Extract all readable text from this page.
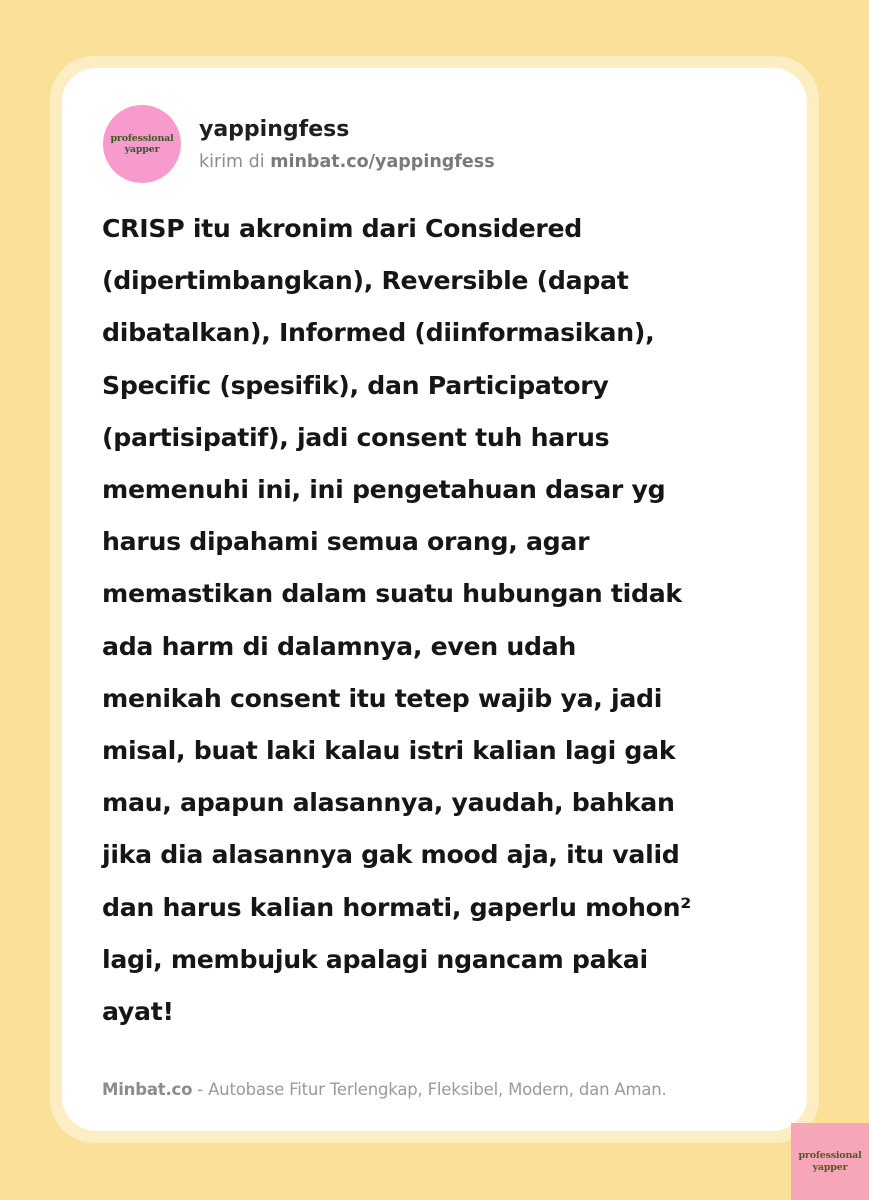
professional
yapper
yappingfess
kirim di minbat.co/yappingfess
CRISP itu akronim dari Considered
(dipertimbangkan), Reversible (dapat
dibatalkan), Informed (diinformasikan),
Specific (spesifik), dan Participatory
(partisipatif), jadi consent tuh harus
memenuhi ini, ini pengetahuan dasar yg
harus dipahami semua orang, agar
memastikan dalam suatu hubungan tidak
ada harm di dalamnya, even udah
menikah consent itu tetep wajib ya, jadi
misal, buat laki kalau istri kalian lagi gak
mau, apapun alasannya, yaudah, bahkan
jika dia alasannya gak mood aja, itu valid
dan harus kalian hormati, gaperlu mohon²
lagi, membujuk apalagi ngancam pakai
ayat!
Minbat.co - Autobase Fitur Terlengkap, Fleksibel, Modern, dan Aman.
professional
yapper
